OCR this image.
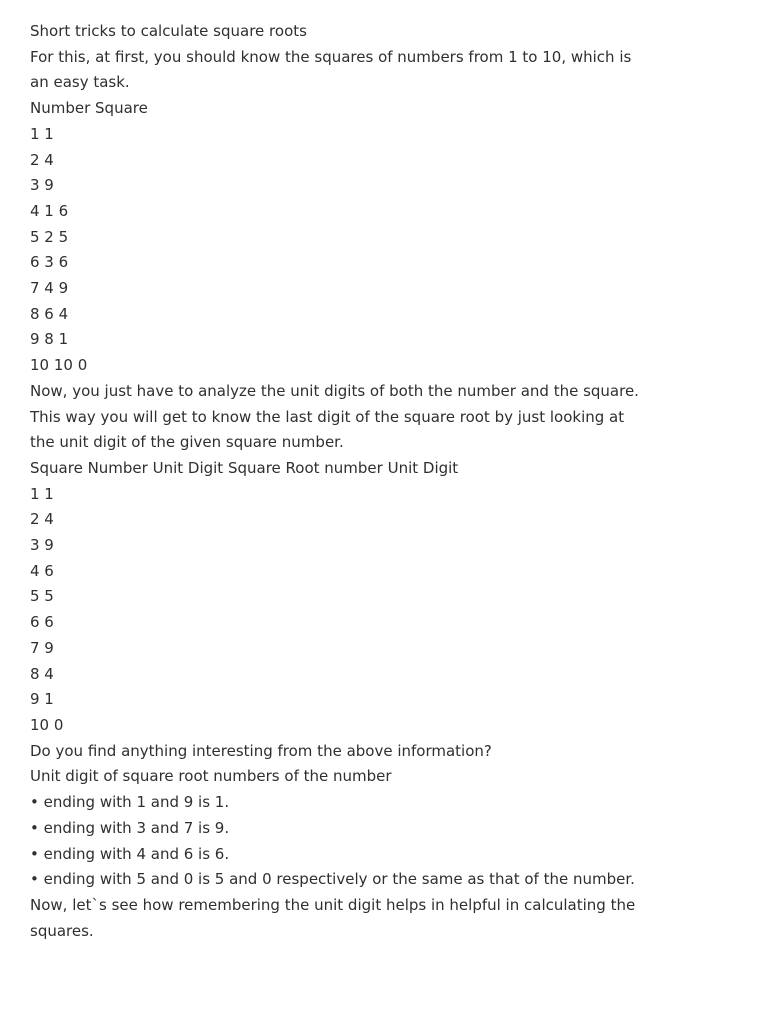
Short tricks to calculate square roots

For this, at first, you should know the squares of numbers from 1 to 10, which is an easy task.

Number Square

1 1

2 4

3 9

4 1 6

5 2 5

6 3 6

7 4 9

8 6 4

9 8 1

10 10 0

Now, you just have to analyze the unit digits of both the number and the square. This way you will get to know the last digit of the square root by just looking at the unit digit of the given square number.

Square Number Unit Digit Square Root number Unit Digit

1 1

2 4

3 9

4 6

5 5

6 6

7 9

8 4

9 1

10 0

Do you find anything interesting from the above information?

Unit digit of square root numbers of the number

• ending with 1 and 9 is 1.

• ending with 3 and 7 is 9.

• ending with 4 and 6 is 6.

• ending with 5 and 0 is 5 and 0 respectively or the same as that of the number.

Now, let`s see how remembering the unit digit helps in helpful in calculating the squares.
